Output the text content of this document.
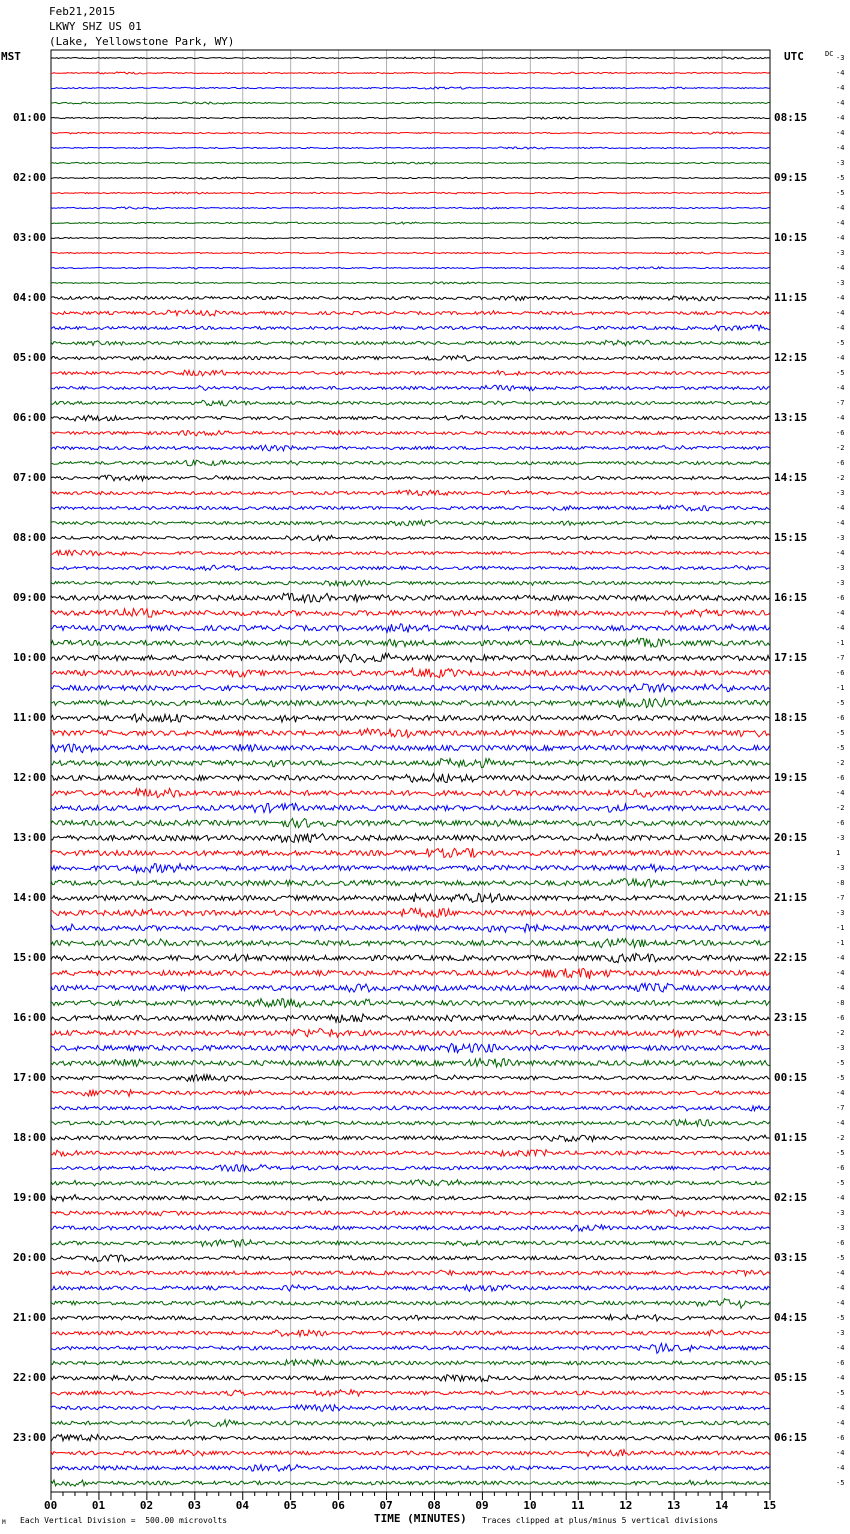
Feb21,2015
LKWY SHZ US 01
(Lake, Yellowstone Park, WY)
MST	UTC	DC -3
-4
-4
-4
-4
-4
-4
-3
-5
-5
-4
-4
-4
-3
-4
-3
-4
-4
-4
-5
-4
-5
-4
-7
-4
-6
-2
-6
-2
-3
-4
-4
-3
-4
-3
-3
-6
-4
-4
-1
-7
-6
-1
-5
-6
-5
-5
-2
-6
-4
-2
-6
-3
1
-3
-8
-7
-3
-1
-1
-4
-4
-4
-8
-6
-2
-3
-5
-5
-4
-7
-4
-2
-5
-6
-5
-4
-3
-3
-6
-5
-4
-4
-4
-5
-3
-4
-6
-4
-5
-4
-4
-6
-4
-4
-5
01:00	08:15
02:00	09:15
03:00	10:15
04:00	11:15
05:00	12:15
06:00	13:15
07:00	14:15
08:00	15:15
09:00	16:15
10:00	17:15
11:00	18:15
12:00	19:15
13:00	20:15
14:00	21:15
15:00	22:15
16:00	23:15
17:00	00:15
18:00	01:15
19:00	02:15
20:00	03:15
21:00	04:15
22:00	05:15
23:00	06:15
00	01	02	03	04	05	06	07	08	09	10	11	12	13	14	15
Each Vertical Division =  500.00 microvolts	TIME (MINUTES) Traces clipped at plus/minus 5 vertical divisions
M
